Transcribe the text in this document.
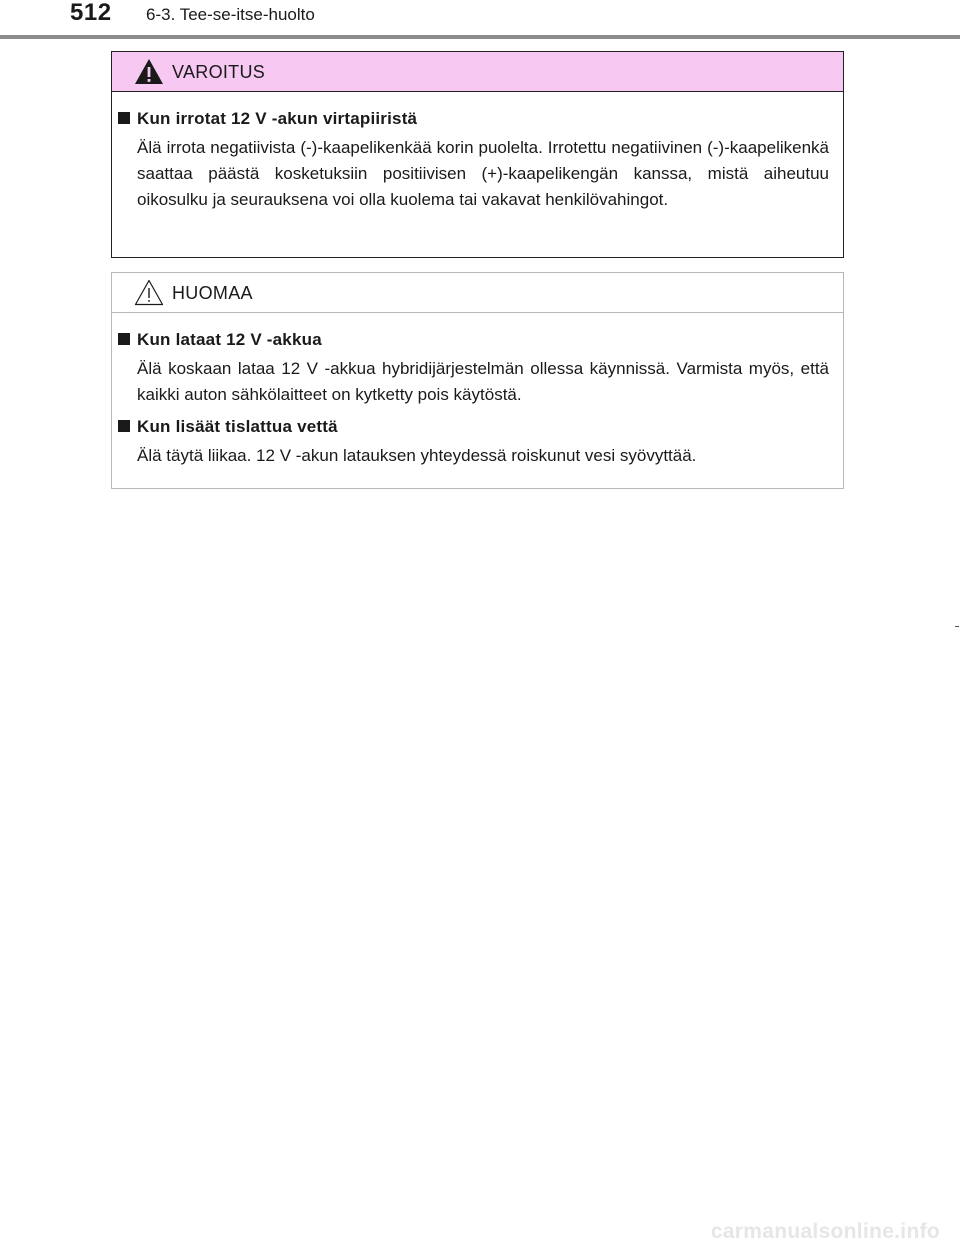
512 6-3. Tee-se-itse-huolto
VAROITUS
Kun irrotat 12 V -akun virtapiiristä
Älä irrota negatiivista (-)-kaapelikenkää korin puolelta. Irrotettu negatiivinen (-)-kaapelikenkä saattaa päästä kosketuksiin positiivisen (+)-kaapelikengän kanssa, mistä aiheutuu oikosulku ja seurauksena voi olla kuolema tai vakavat henkilövahingot.
HUOMAA
Kun lataat 12 V -akkua
Älä koskaan lataa 12 V -akkua hybridijärjestelmän ollessa käynnissä. Varmista myös, että kaikki auton sähkölaitteet on kytketty pois käytöstä.
Kun lisäät tislattua vettä
Älä täytä liikaa. 12 V -akun latauksen yhteydessä roiskunut vesi syövyttää.
carmanualsonline.info
